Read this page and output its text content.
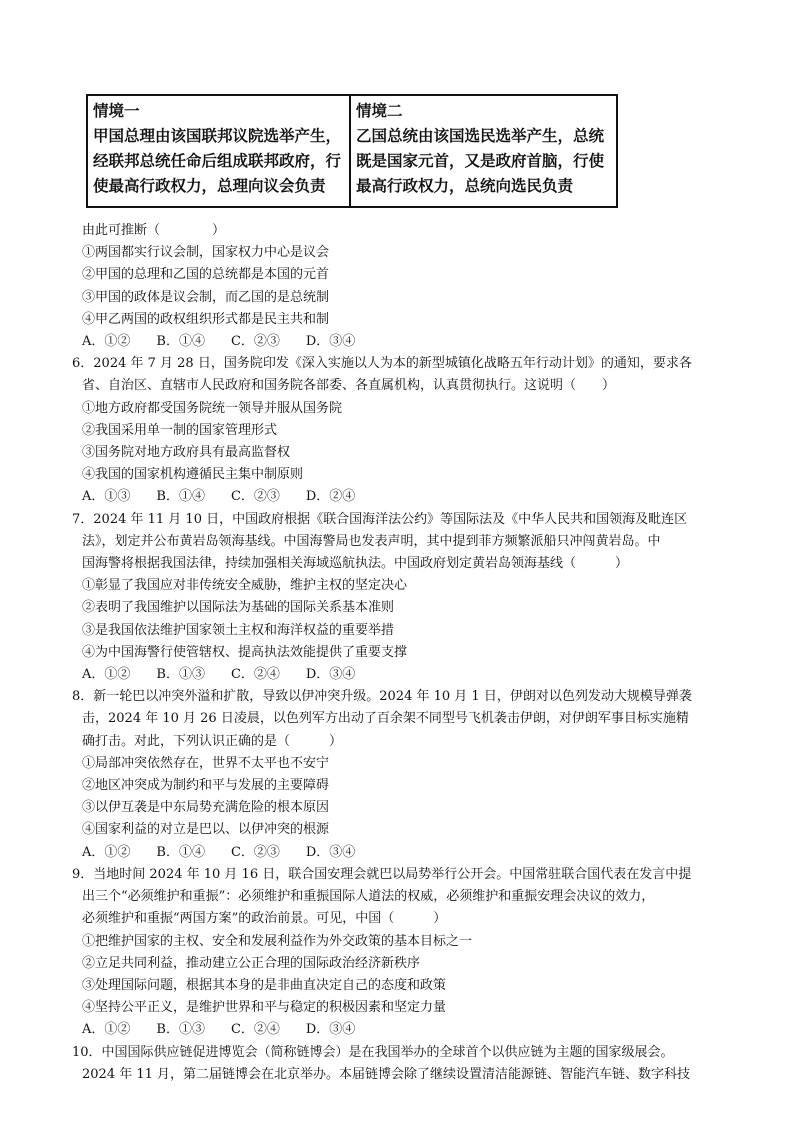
情境一
甲国总理由该国联邦议院选举产生，经联邦总统任命后组成联邦政府，行使最高行政权力，总理向议会负责
情境二
乙国总统由该国选民选举产生，总统既是国家元首，又是政府首脑，行使最高行政权力，总统向选民负责
由此可推断（　　　　）
①两国都实行议会制，国家权力中心是议会
②甲国的总理和乙国的总统都是本国的元首
③甲国的政体是议会制，而乙国的是总统制
④甲乙两国的政权组织形式都是民主共和制
A．①②　　B．①④　　C．②③　　D．③④
6．2024 年 7 月 28 日，国务院印发《深入实施以人为本的新型城镇化战略五年行动计划》的通知，要求各
省、自治区、直辖市人民政府和国务院各部委、各直属机构，认真贯彻执行。这说明（　　）
①地方政府都受国务院统一领导并服从国务院
②我国采用单一制的国家管理形式
③国务院对地方政府具有最高监督权
④我国的国家机构遵循民主集中制原则
A．①③　　B．①④　　C．②③　　D．②④
7．2024 年 11 月 10 日，中国政府根据《联合国海洋法公约》等国际法及《中华人民共和国领海及毗连区
法》，划定并公布黄岩岛领海基线。中国海警局也发表声明，其中提到菲方频繁派船只冲闯黄岩岛。中
国海警将根据我国法律，持续加强相关海域巡航执法。中国政府划定黄岩岛领海基线（　　　）
①彰显了我国应对非传统安全威胁，维护主权的坚定决心
②表明了我国维护以国际法为基础的国际关系基本准则
③是我国依法维护国家领土主权和海洋权益的重要举措
④为中国海警行使管辖权、提高执法效能提供了重要支撑
A．①②　　B．①③　　C．②④　　D．③④
8．新一轮巴以冲突外溢和扩散，导致以伊冲突升级。2024 年 10 月 1 日，伊朗对以色列发动大规模导弹袭
击，2024 年 10 月 26 日凌晨，以色列军方出动了百余架不同型号飞机袭击伊朗，对伊朗军事目标实施精
确打击。对此，下列认识正确的是（　　　）
①局部冲突依然存在，世界不太平也不安宁
②地区冲突成为制约和平与发展的主要障碍
③以伊互袭是中东局势充满危险的根本原因
④国家利益的对立是巴以、以伊冲突的根源
A．①②　　B．①④　　C．②③　　D．③④
9．当地时间 2024 年 10 月 16 日，联合国安理会就巴以局势举行公开会。中国常驻联合国代表在发言中提
出三个“必须维护和重振”：必须维护和重振国际人道法的权威，必须维护和重振安理会决议的效力，
必须维护和重振“两国方案”的政治前景。可见，中国（　　　）
①把维护国家的主权、安全和发展利益作为外交政策的基本目标之一
②立足共同利益，推动建立公正合理的国际政治经济新秩序
③处理国际问题，根据其本身的是非曲直决定自己的态度和政策
④坚持公平正义，是维护世界和平与稳定的积极因素和坚定力量
A．①②　　B．①③　　C．②④　　D．③④
10．中国国际供应链促进博览会（简称链博会）是在我国举办的全球首个以供应链为主题的国家级展会。
2024 年 11 月，第二届链博会在北京举办。本届链博会除了继续设置清洁能源链、智能汽车链、数字科技
